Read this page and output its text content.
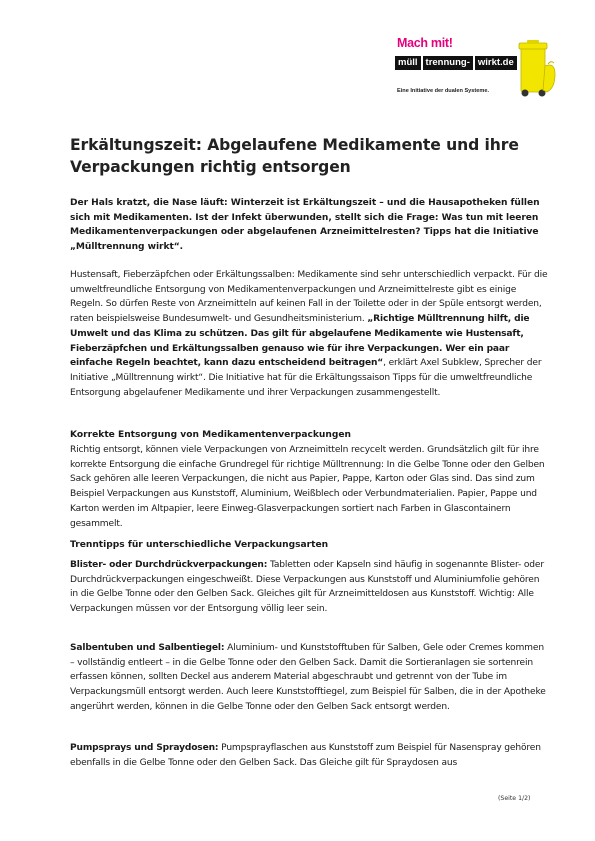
Mach mit!
müll trennung- wirkt.de
Eine Initiative der dualen Systeme.
Erkältungszeit: Abgelaufene Medikamente und ihre Verpackungen richtig entsorgen

Der Hals kratzt, die Nase läuft: Winterzeit ist Erkältungszeit – und die Hausapotheken füllen sich mit Medikamenten. Ist der Infekt überwunden, stellt sich die Frage: Was tun mit leeren Medikamentenverpackungen oder abgelaufenen Arzneimittelresten? Tipps hat die Initiative „Mülltrennung wirkt“.

Hustensaft, Fieberzäpfchen oder Erkältungssalben: Medikamente sind sehr unterschiedlich verpackt. Für die umweltfreundliche Entsorgung von Medikamentenverpackungen und Arzneimittelreste gibt es einige Regeln. So dürfen Reste von Arzneimitteln auf keinen Fall in der Toilette oder in der Spüle entsorgt werden, raten beispielsweise Bundesumwelt- und Gesundheitsministerium. „Richtige Mülltrennung hilft, die Umwelt und das Klima zu schützen. Das gilt für abgelaufene Medikamente wie Hustensaft, Fieberzäpfchen und Erkältungssalben genauso wie für ihre Verpackungen. Wer ein paar einfache Regeln beachtet, kann dazu entscheidend beitragen“, erklärt Axel Subklew, Sprecher der Initiative „Mülltrennung wirkt“. Die Initiative hat für die Erkältungssaison Tipps für die umweltfreundliche Entsorgung abgelaufener Medikamente und ihrer Verpackungen zusammengestellt.

Korrekte Entsorgung von Medikamentenverpackungen

Richtig entsorgt, können viele Verpackungen von Arzneimitteln recycelt werden. Grundsätzlich gilt für ihre korrekte Entsorgung die einfache Grundregel für richtige Mülltrennung: In die Gelbe Tonne oder den Gelben Sack gehören alle leeren Verpackungen, die nicht aus Papier, Pappe, Karton oder Glas sind. Das sind zum Beispiel Verpackungen aus Kunststoff, Aluminium, Weißblech oder Verbundmaterialien. Papier, Pappe und Karton werden im Altpapier, leere Einweg-Glasverpackungen sortiert nach Farben in Glascontainern gesammelt.

Trenntipps für unterschiedliche Verpackungsarten

Blister- oder Durchdrückverpackungen: Tabletten oder Kapseln sind häufig in sogenannte Blister- oder Durchdrückverpackungen eingeschweißt. Diese Verpackungen aus Kunststoff und Aluminiumfolie gehören in die Gelbe Tonne oder den Gelben Sack. Gleiches gilt für Arzneimitteldosen aus Kunststoff. Wichtig: Alle Verpackungen müssen vor der Entsorgung völlig leer sein.

Salbentuben und Salbentiegel: Aluminium- und Kunststofftuben für Salben, Gele oder Cremes kommen – vollständig entleert – in die Gelbe Tonne oder den Gelben Sack. Damit die Sortieranlagen sie sortenrein erfassen können, sollten Deckel aus anderem Material abgeschraubt und getrennt von der Tube im Verpackungsmüll entsorgt werden. Auch leere Kunststofftiegel, zum Beispiel für Salben, die in der Apotheke angerührt werden, können in die Gelbe Tonne oder den Gelben Sack entsorgt werden.

Pumpsprays und Spraydosen: Pumpsprayflaschen aus Kunststoff zum Beispiel für Nasenspray gehören ebenfalls in die Gelbe Tonne oder den Gelben Sack. Das Gleiche gilt für Spraydosen aus

(Seite 1/2)
